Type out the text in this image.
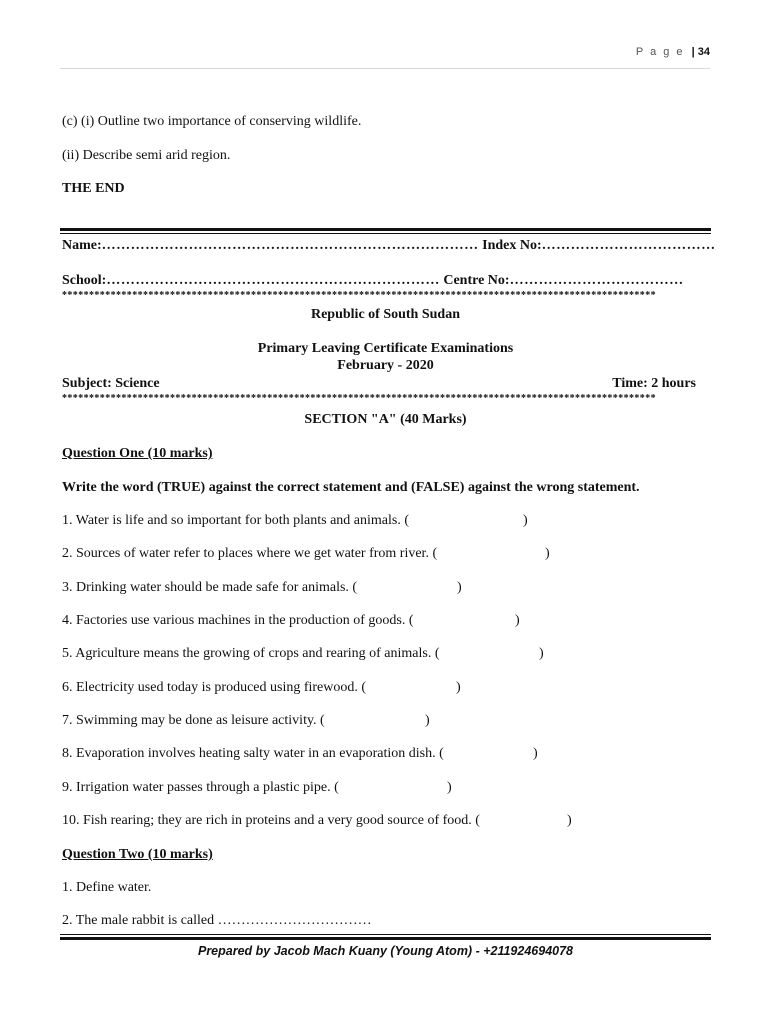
P a g e | 34
(c) (i) Outline two importance of conserving wildlife.
(ii) Describe semi arid region.
THE END
Name:…………………………………………………………………… Index No:………………………………
School:…………………………………………………………… Centre No:………………………………
**************************************************************************************************************
Republic of South Sudan
Primary Leaving Certificate Examinations
February - 2020
Subject: Science	Time: 2 hours
**************************************************************************************************************
SECTION "A" (40 Marks)
Question One (10 marks)
Write the word (TRUE) against the correct statement and (FALSE) against the wrong statement.
1. Water is life and so important for both plants and animals. (	)
2. Sources of water refer to places where we get water from river. (	)
3. Drinking water should be made safe for animals. (	)
4. Factories use various machines in the production of goods. (	)
5. Agriculture means the growing of crops and rearing of animals. (	)
6. Electricity used today is produced using firewood. (	)
7. Swimming may be done as leisure activity. (	)
8. Evaporation involves heating salty water in an evaporation dish. (	)
9. Irrigation water passes through a plastic pipe. (	)
10. Fish rearing; they are rich in proteins and a very good source of food. (	)
Question Two (10 marks)
1. Define water.
2. The male rabbit is called ……………………………
Prepared by Jacob Mach Kuany (Young Atom) - +211924694078
